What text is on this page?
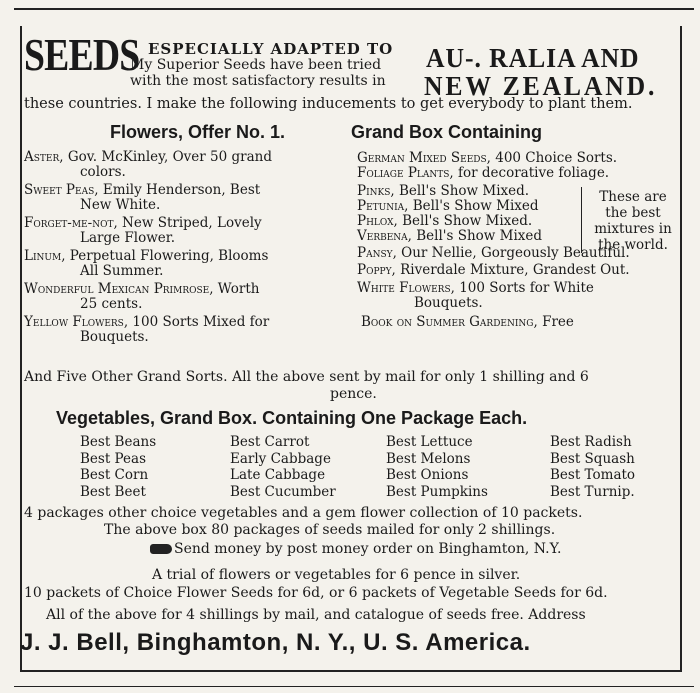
SEEDS ESPECIALLY ADAPTED TO
My Superior Seeds have been tried
with the most satisfactory results in
AU-. RALIA AND
NEW ZEALAND.
these countries. I make the following inducements to get everybody to plant them.
Flowers, Offer No. 1.	Grand Box Containing
Aster, Gov. McKinley, Over 50 grand
colors.
Sweet Peas, Emily Henderson, Best
New White.
Forget-me-not, New Striped, Lovely
Large Flower.
Linum, Perpetual Flowering, Blooms
All Summer.
Wonderful Mexican Primrose, Worth
25 cents.
Yellow Flowers, 100 Sorts Mixed for
Bouquets.
German Mixed Seeds, 400 Choice Sorts.
Foliage Plants, for decorative foliage.
Pinks, Bell's Show Mixed.
Petunia, Bell's Show Mixed
Phlox, Bell's Show Mixed.
Verbena, Bell's Show Mixed
Pansy, Our Nellie, Gorgeously Beautiful.
Poppy, Riverdale Mixture, Grandest Out.
White Flowers, 100 Sorts for White
Bouquets.
Book on Summer Gardening, Free
These are
the best
mixtures in
the world.
And Five Other Grand Sorts. All the above sent by mail for only 1 shilling and 6
pence.
Vegetables, Grand Box. Containing One Package Each.
Best Beans
Best Peas
Best Corn
Best Beet
Best Carrot
Early Cabbage
Late Cabbage
Best Cucumber
Best Lettuce
Best Melons
Best Onions
Best Pumpkins
Best Radish
Best Squash
Best Tomato
Best Turnip.
4 packages other choice vegetables and a gem flower collection of 10 packets.
The above box 80 packages of seeds mailed for only 2 shillings.
Send money by post money order on Binghamton, N.Y.
A trial of flowers or vegetables for 6 pence in silver.
10 packets of Choice Flower Seeds for 6d, or 6 packets of Vegetable Seeds for 6d.
All of the above for 4 shillings by mail, and catalogue of seeds free. Address
J. J. Bell, Binghamton, N. Y., U. S. America.
